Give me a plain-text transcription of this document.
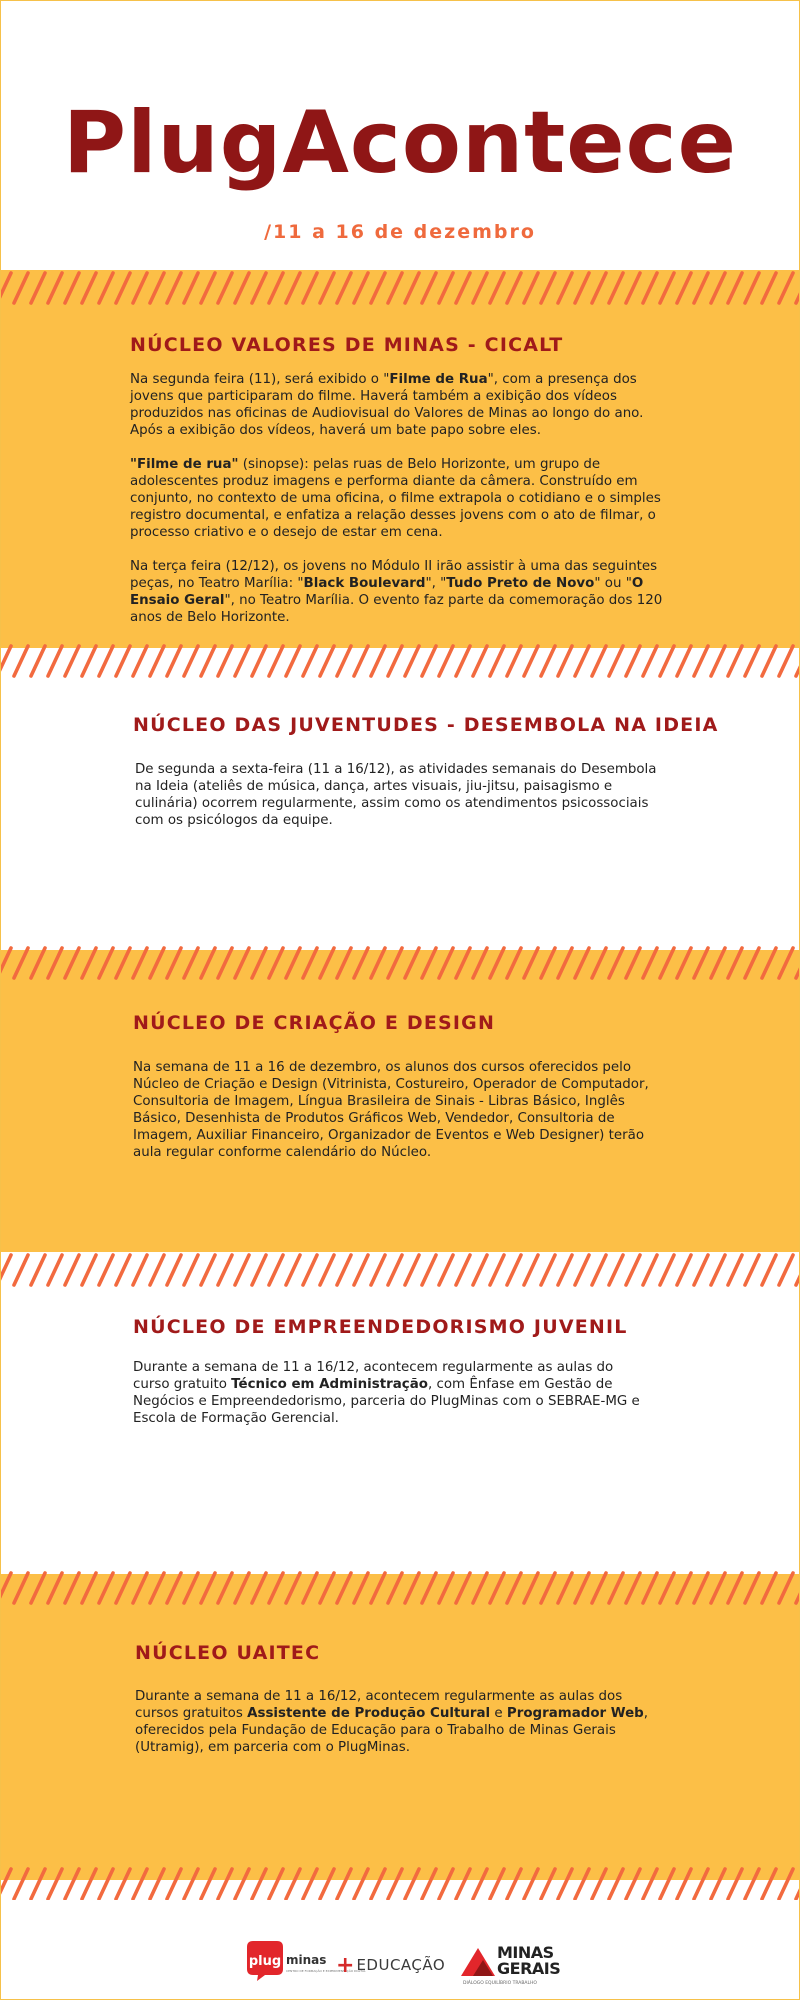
PlugAcontece
/11 a 16 de dezembro
NÚCLEO VALORES DE MINAS - CICALT

Na segunda feira (11), será exibido o "Filme de Rua", com a presença dos jovens que participaram do filme. Haverá também a exibição dos vídeos produzidos nas oficinas de Audiovisual do Valores de Minas ao longo do ano. Após a exibição dos vídeos, haverá um bate papo sobre eles.

"Filme de rua" (sinopse): pelas ruas de Belo Horizonte, um grupo de adolescentes produz imagens e performa diante da câmera. Construído em conjunto, no contexto de uma oficina, o filme extrapola o cotidiano e o simples registro documental, e enfatiza a relação desses jovens com o ato de filmar, o processo criativo e o desejo de estar em cena.

Na terça feira (12/12), os jovens no Módulo II irão assistir à uma das seguintes peças, no Teatro Marília: "Black Boulevard", "Tudo Preto de Novo" ou "O Ensaio Geral", no Teatro Marília. O evento faz parte da comemoração dos 120 anos de Belo Horizonte.

NÚCLEO DAS JUVENTUDES - DESEMBOLA NA IDEIA

De segunda a sexta-feira (11 a 16/12), as atividades semanais do Desembola na Ideia (ateliês de música, dança, artes visuais, jiu-jitsu, paisagismo e culinária) ocorrem regularmente, assim como os atendimentos psicossociais com os psicólogos da equipe.

NÚCLEO DE CRIAÇÃO E DESIGN

Na semana de 11 a 16 de dezembro, os alunos dos cursos oferecidos pelo Núcleo de Criação e Design (Vitrinista, Costureiro, Operador de Computador, Consultoria de Imagem, Língua Brasileira de Sinais - Libras Básico, Inglês Básico, Desenhista de Produtos Gráficos Web, Vendedor, Consultoria de Imagem, Auxiliar Financeiro, Organizador de Eventos e Web Designer) terão aula regular conforme calendário do Núcleo.

NÚCLEO DE EMPREENDEDORISMO JUVENIL

Durante a semana de 11 a 16/12, acontecem regularmente as aulas do curso gratuito Técnico em Administração, com Ênfase em Gestão de Negócios e Empreendedorismo, parceria do PlugMinas com o SEBRAE-MG e Escola de Formação Gerencial.

NÚCLEO UAITEC

Durante a semana de 11 a 16/12, acontecem regularmente as aulas dos cursos gratuitos Assistente de Produção Cultural e Programador Web, oferecidos pela Fundação de Educação para o Trabalho de Minas Gerais (Utramig), em parceria com o PlugMinas.

plug minas
CENTRO DE FORMAÇÃO E EXPERIMENTAÇÃO DIGITAL
+ EDUCAÇÃO
MINAS
GERAIS
DIÁLOGO EQUILÍBRIO TRABALHO
